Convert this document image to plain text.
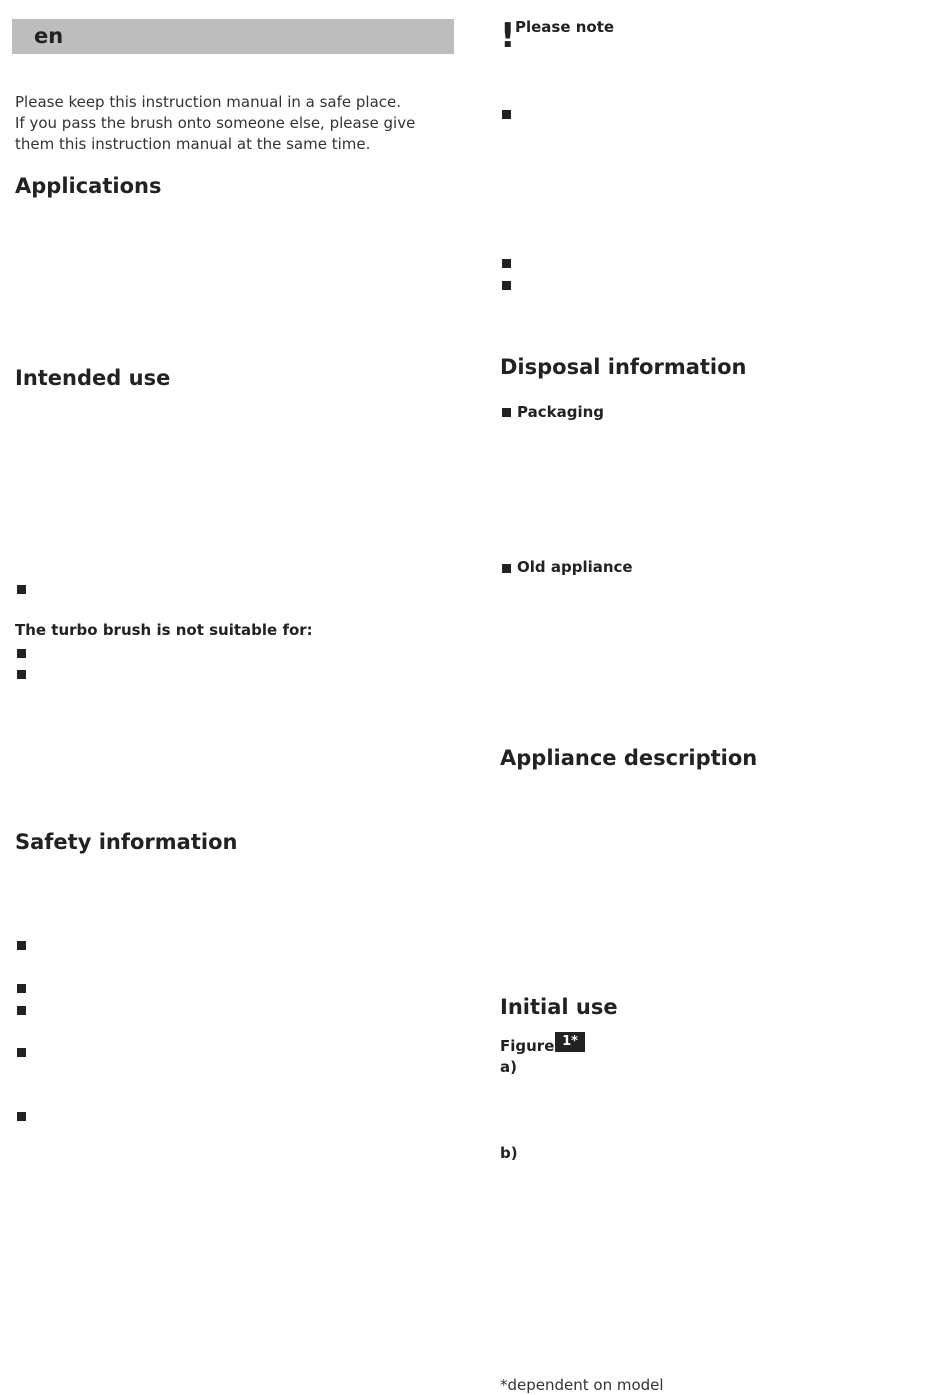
en
Please keep this instruction manual in a safe place.
If you pass the brush onto someone else, please give
them this instruction manual at the same time.
Applications
Intended use
The turbo brush is not suitable for:
Safety information
! Please note
Disposal information
Packaging
Old appliance
Appliance description
Initial use
Figure 1*
a)
b)
*dependent on model
